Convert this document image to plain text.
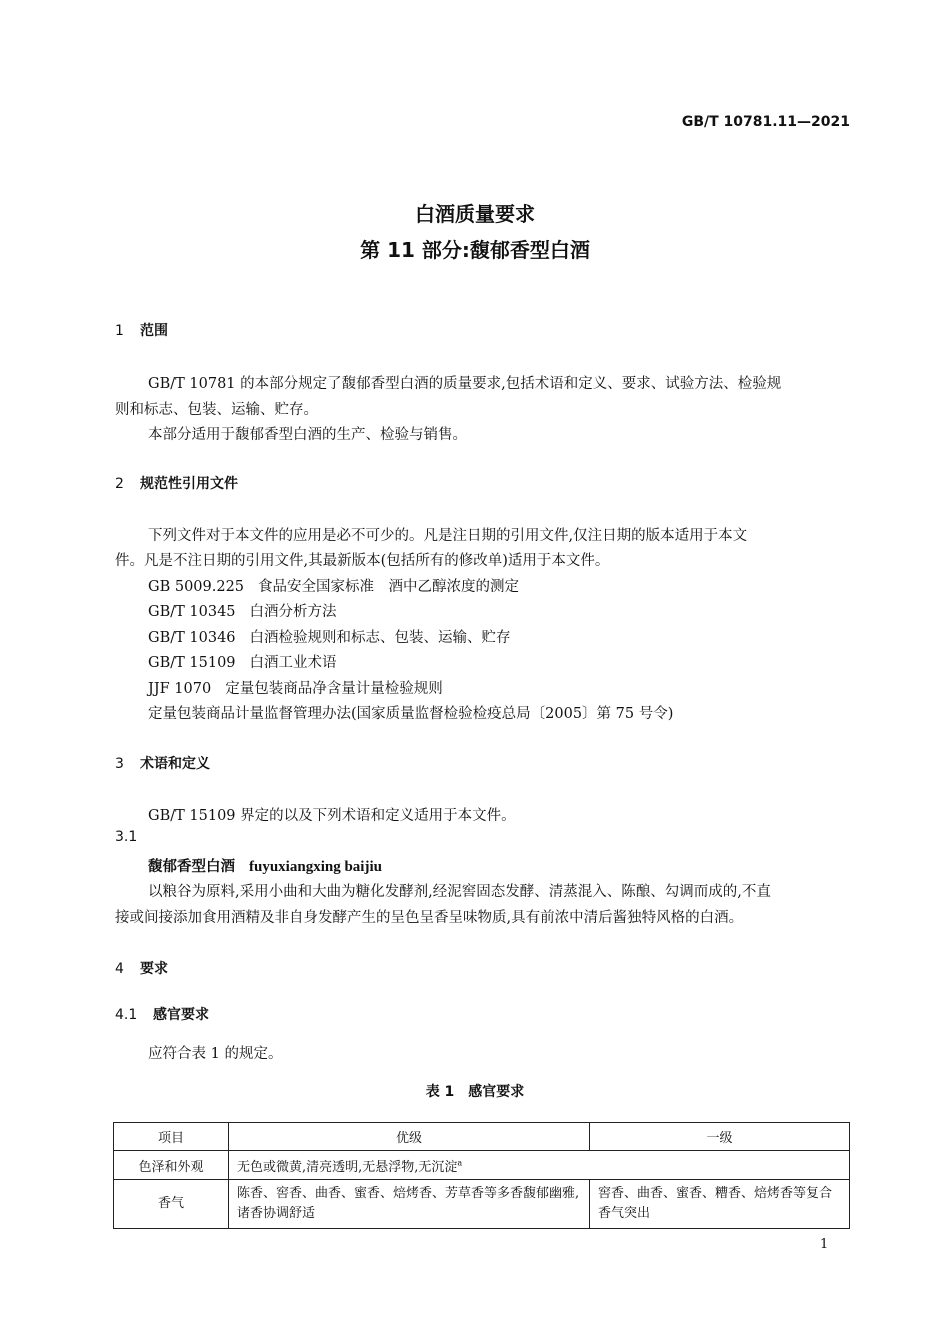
GB/T 10781.11—2021
白酒质量要求
第 11 部分:馥郁香型白酒
1 范围
GB/T 10781 的本部分规定了馥郁香型白酒的质量要求,包括术语和定义、要求、试验方法、检验规
则和标志、包装、运输、贮存。
本部分适用于馥郁香型白酒的生产、检验与销售。
2 规范性引用文件
下列文件对于本文件的应用是必不可少的。凡是注日期的引用文件,仅注日期的版本适用于本文
件。凡是不注日期的引用文件,其最新版本(包括所有的修改单)适用于本文件。
GB 5009.225 食品安全国家标准　酒中乙醇浓度的测定
GB/T 10345 白酒分析方法
GB/T 10346 白酒检验规则和标志、包装、运输、贮存
GB/T 15109 白酒工业术语
JJF 1070 定量包装商品净含量计量检验规则
定量包装商品计量监督管理办法(国家质量监督检验检疫总局〔2005〕第 75 号令)
3 术语和定义
GB/T 15109 界定的以及下列术语和定义适用于本文件。
3.1
馥郁香型白酒 fuyuxiangxing baijiu
以粮谷为原料,采用小曲和大曲为糖化发酵剂,经泥窖固态发酵、清蒸混入、陈酿、勾调而成的,不直
接或间接添加食用酒精及非自身发酵产生的呈色呈香呈味物质,具有前浓中清后酱独特风格的白酒。
4 要求
4.1 感官要求
应符合表 1 的规定。
表 1　感官要求
项目	优级	一级
色泽和外观	无色或微黄,清亮透明,无悬浮物,无沉淀$^a$
香气	陈香、窖香、曲香、蜜香、焙烤香、芳草香等多香馥郁幽雅,诸香协调舒适	窖香、曲香、蜜香、糟香、焙烤香等复合香气突出
1
